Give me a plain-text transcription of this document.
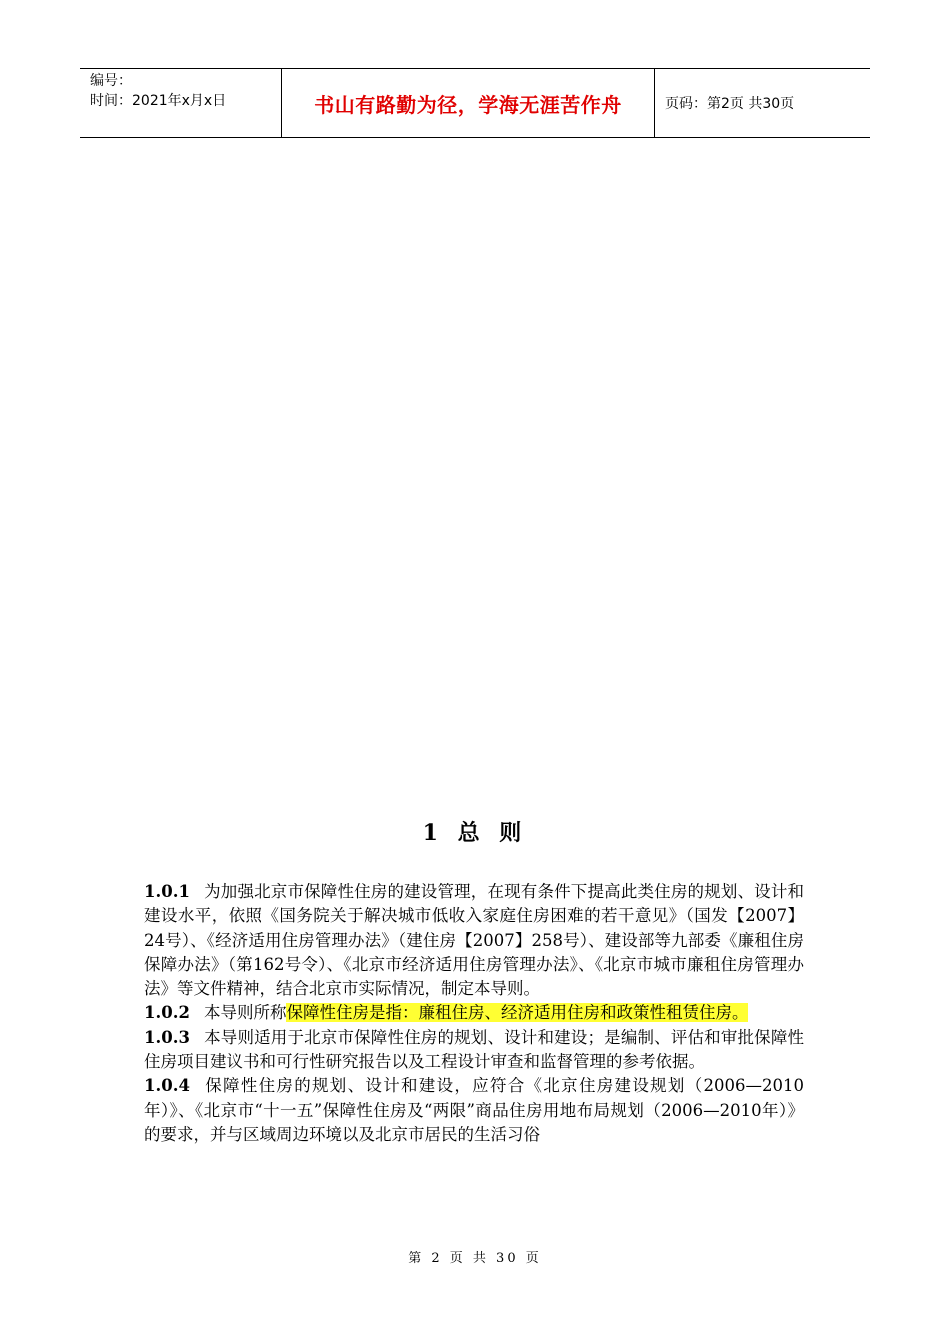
编号：
时间：2021年x月x日	书山有路勤为径，学海无涯苦作舟	页码：第2页 共30页
1 总 则

1.0.1 为加强北京市保障性住房的建设管理，在现有条件下提高此类住房的规划、设计和建设水平，依照《国务院关于解决城市低收入家庭住房困难的若干意见》（国发【2007】24号）、《经济适用住房管理办法》（建住房【2007】258号）、建设部等九部委《廉租住房保障办法》（第162号令）、《北京市经济适用住房管理办法》、《北京市城市廉租住房管理办法》等文件精神，结合北京市实际情况，制定本导则。

1.0.2 本导则所称保障性住房是指：廉租住房、经济适用住房和政策性租赁住房。

1.0.3 本导则适用于北京市保障性住房的规划、设计和建设；是编制、评估和审批保障性住房项目建议书和可行性研究报告以及工程设计审查和监督管理的参考依据。

1.0.4 保障性住房的规划、设计和建设，应符合《北京住房建设规划（2006—2010年）》、《北京市“十一五”保障性住房及“两限”商品住房用地布局规划（2006—2010年）》的要求，并与区域周边环境以及北京市居民的生活习俗

第 2 页 共 30 页
